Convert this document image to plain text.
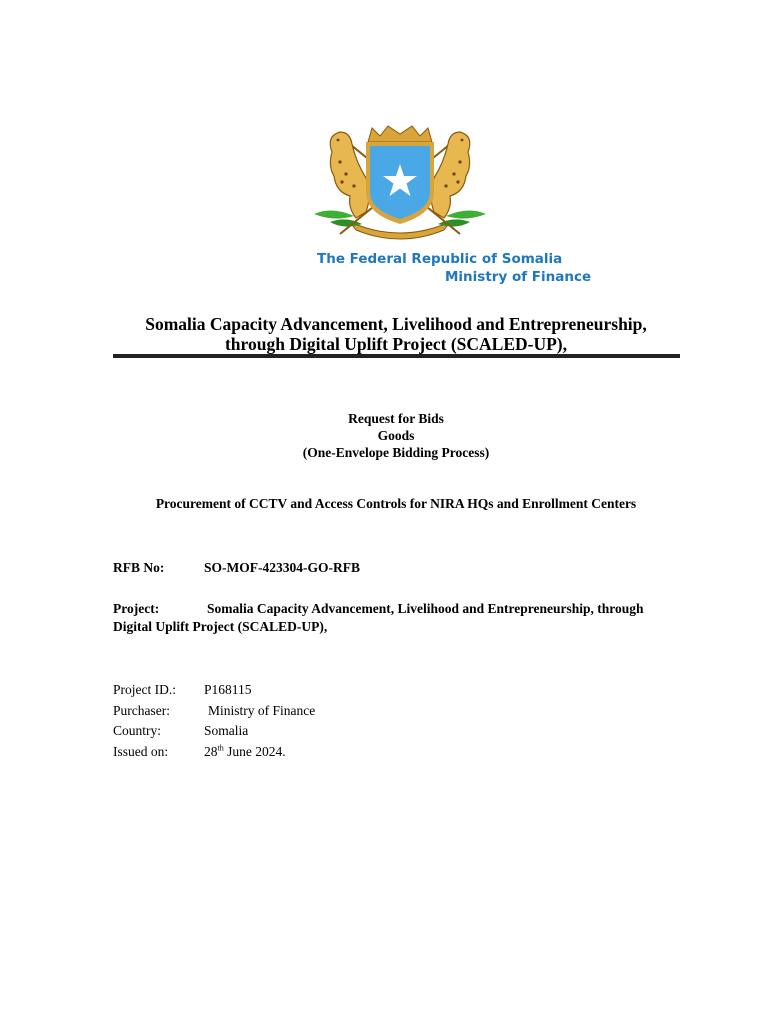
The Federal Republic of Somalia
Ministry of Finance
Somalia Capacity Advancement, Livelihood and Entrepreneurship,
through Digital Uplift Project (SCALED-UP),
Request for Bids
Goods
(One-Envelope Bidding Process)
Procurement of CCTV and Access Controls for NIRA HQs and Enrollment Centers
RFB No:	SO-MOF-423304-GO-RFB
Project:	Somalia Capacity Advancement, Livelihood and Entrepreneurship, through
Digital Uplift Project (SCALED-UP),
Project ID.: P168115
Purchaser:	Ministry of Finance
Country:	Somalia
Issued on:	28th June 2024.
